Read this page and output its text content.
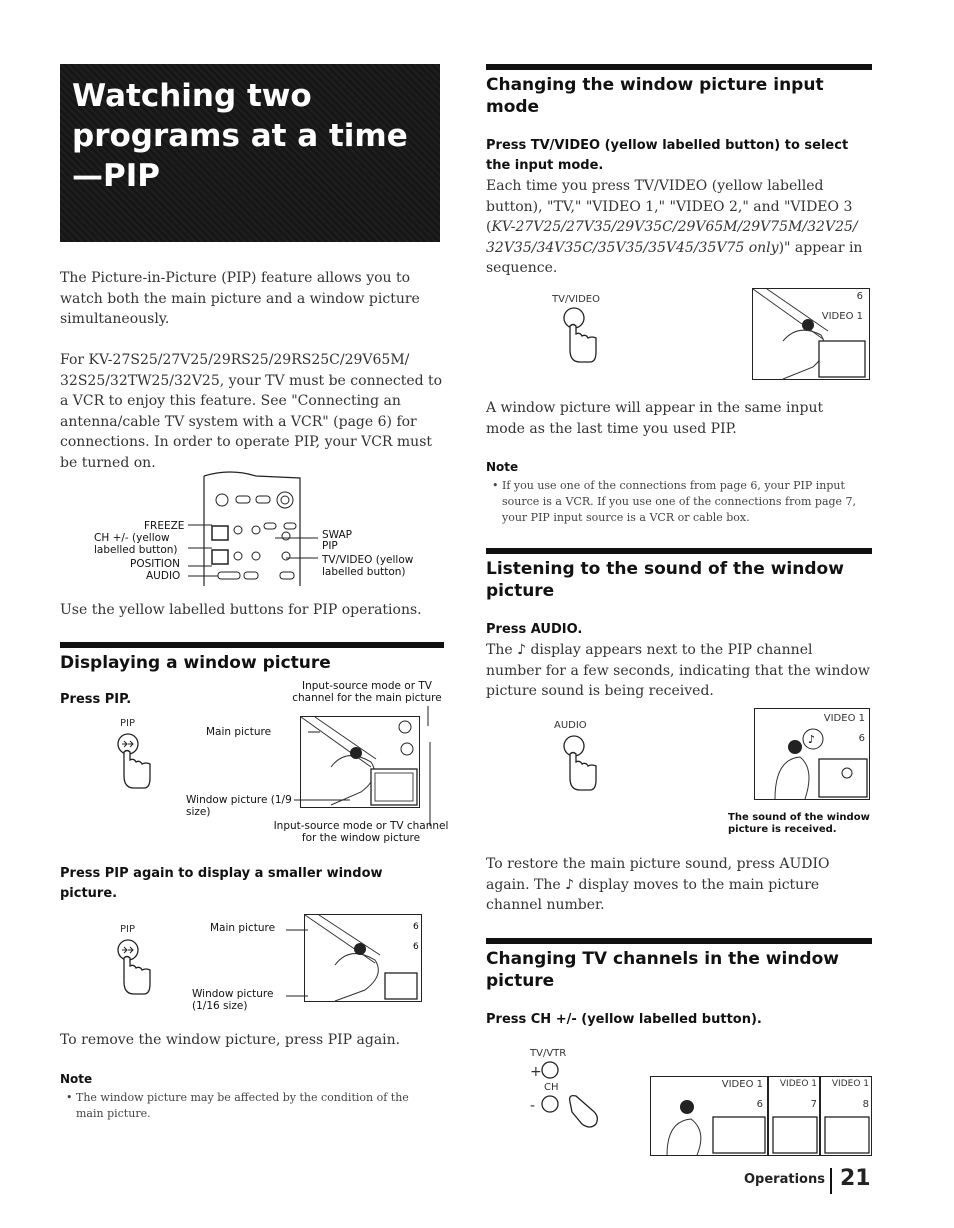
Watching two programs at a time —PIP
The Picture-in-Picture (PIP) feature allows you to watch both the main picture and a window picture simultaneously.
For KV-27S25/27V25/29RS25/29RS25C/29V65M/ 32S25/32TW25/32V25, your TV must be connected to a VCR to enjoy this feature. See "Connecting an antenna/cable TV system with a VCR" (page 6) for connections. In order to operate PIP, your VCR must be turned on.
FREEZE
CH +/- (yellow labelled button)
POSITION
AUDIO
SWAP
PIP
TV/VIDEO (yellow labelled button)
Use the yellow labelled buttons for PIP operations.
Displaying a window picture
Press PIP.
Input-source mode or TV channel for the main picture
PIP
Main picture
Window picture (1/9 size)
Input-source mode or TV channel for the window picture
Press PIP again to display a smaller window picture.
PIP	Main picture	6
6
Window picture (1/16 size)
To remove the window picture, press PIP again.
Note
• The window picture may be affected by the condition of the main picture.
Changing the window picture input mode
Press TV/VIDEO (yellow labelled button) to select the input mode.
Each time you press TV/VIDEO (yellow labelled button), "TV," "VIDEO 1," "VIDEO 2," and "VIDEO 3 (KV-27V25/27V35/29V35C/29V65M/29V75M/32V25/ 32V35/34V35C/35V35/35V45/35V75 only)" appear in sequence.
TV/VIDEO	6
VIDEO 1
A window picture will appear in the same input mode as the last time you used PIP.
Note
• If you use one of the connections from page 6, your PIP input source is a VCR. If you use one of the connections from page 7, your PIP input source is a VCR or cable box.
Listening to the sound of the window picture
Press AUDIO.
The ♪ display appears next to the PIP channel number for a few seconds, indicating that the window picture sound is being received.
AUDIO
♪
VIDEO 1
6
The sound of the window picture is received.
To restore the main picture sound, press AUDIO again. The ♪ display moves to the main picture channel number.
Changing TV channels in the window picture
Press CH +/- (yellow labelled button).
TV/VTR
+
CH
-
VIDEO 1
6
VIDEO 1
7
VIDEO 1
8
Operations 21
